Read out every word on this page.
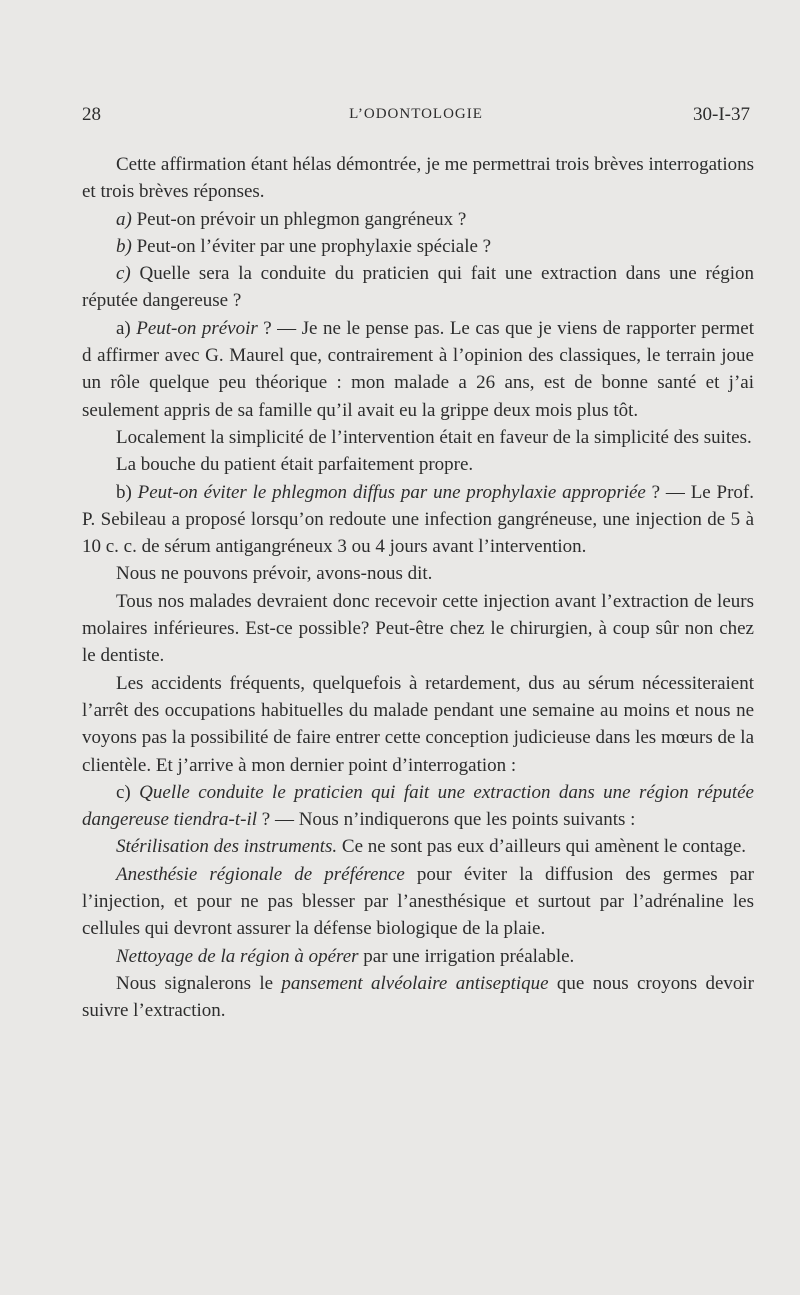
28	L’ODONTOLOGIE	30-I-37

Cette affirmation étant hélas démontrée, je me permettrai trois brèves interrogations et trois brèves réponses.

a) Peut-on prévoir un phlegmon gangréneux ?

b) Peut-on l’éviter par une prophylaxie spéciale ?

c) Quelle sera la conduite du praticien qui fait une extraction dans une région réputée dangereuse ?

a) Peut-on prévoir ? — Je ne le pense pas. Le cas que je viens de rapporter permet d affirmer avec G. Maurel que, contrairement à l’opinion des classiques, le terrain joue un rôle quelque peu théorique : mon malade a 26 ans, est de bonne santé et j’ai seulement appris de sa famille qu’il avait eu la grippe deux mois plus tôt.

Localement la simplicité de l’intervention était en faveur de la simplicité des suites.

La bouche du patient était parfaitement propre.

b) Peut-on éviter le phlegmon diffus par une prophylaxie appropriée ? — Le Prof. P. Sebileau a proposé lorsqu’on redoute une infection gangréneuse, une injection de 5 à 10 c. c. de sérum antigangréneux 3 ou 4 jours avant l’intervention.

Nous ne pouvons prévoir, avons-nous dit.

Tous nos malades devraient donc recevoir cette injection avant l’extraction de leurs molaires inférieures. Est-ce possible? Peut-être chez le chirurgien, à coup sûr non chez le dentiste.

Les accidents fréquents, quelquefois à retardement, dus au sérum nécessiteraient l’arrêt des occupations habituelles du malade pendant une semaine au moins et nous ne voyons pas la possibilité de faire entrer cette conception judicieuse dans les mœurs de la clientèle. Et j’arrive à mon dernier point d’interrogation :

c) Quelle conduite le praticien qui fait une extraction dans une région réputée dangereuse tiendra-t-il ? — Nous n’indiquerons que les points suivants :

Stérilisation des instruments. Ce ne sont pas eux d’ailleurs qui amènent le contage.

Anesthésie régionale de préférence pour éviter la diffusion des germes par l’injection, et pour ne pas blesser par l’anesthésique et surtout par l’adrénaline les cellules qui devront assurer la défense biologique de la plaie.

Nettoyage de la région à opérer par une irrigation préalable.

Nous signalerons le pansement alvéolaire antiseptique que nous croyons devoir suivre l’extraction.
